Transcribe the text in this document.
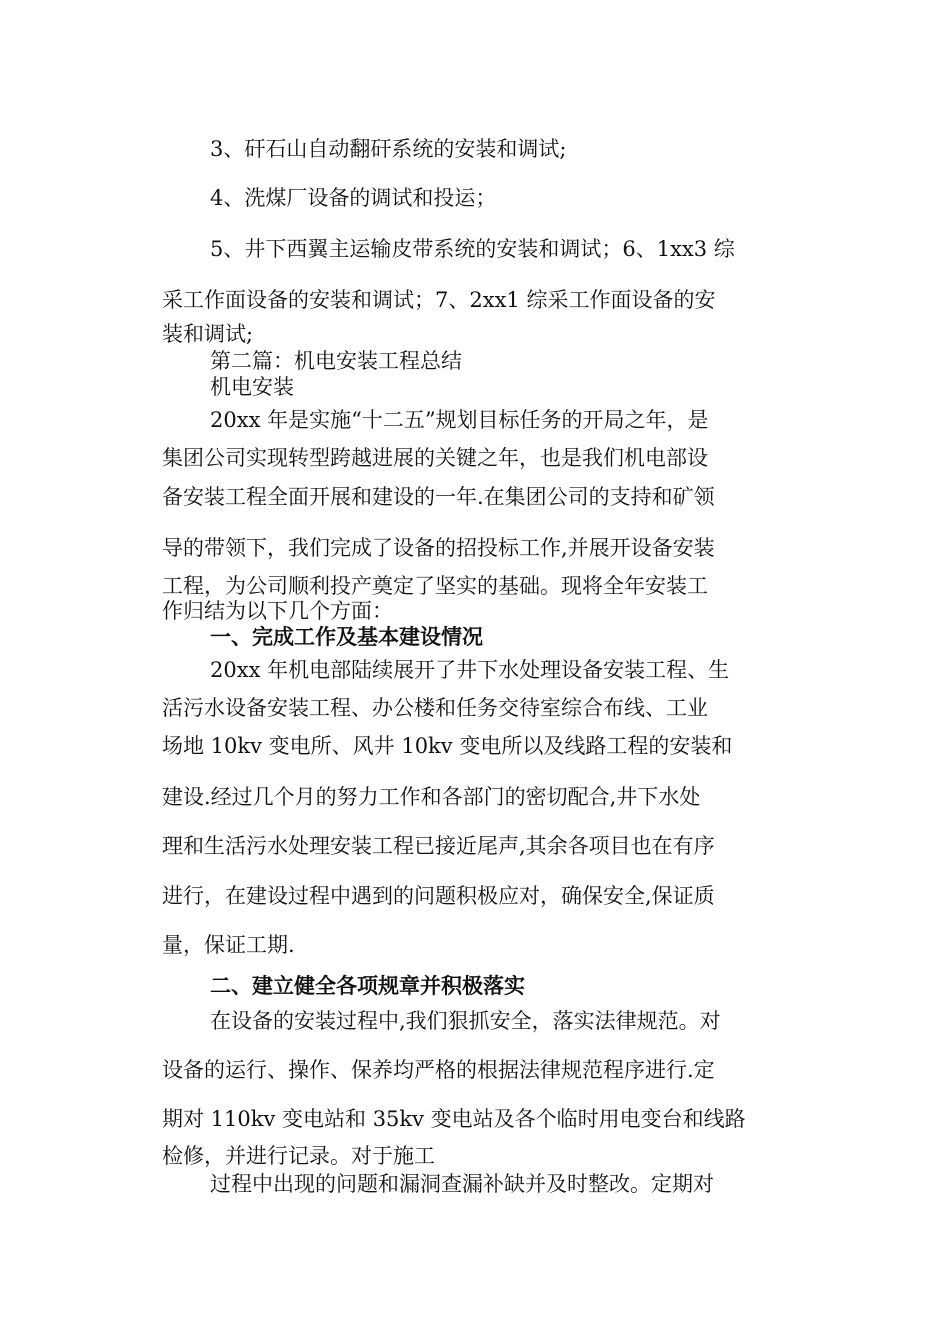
3、矸石山自动翻矸系统的安装和调试;
4、洗煤厂设备的调试和投运；
5、井下西翼主运输皮带系统的安装和调试；6、1xx3 综
采工作面设备的安装和调试；7、2xx1 综采工作面设备的安
装和调试;
第二篇：机电安装工程总结
机电安装
20xx 年是实施“十二五”规划目标任务的开局之年，是
集团公司实现转型跨越进展的关键之年，也是我们机电部设
备安装工程全面开展和建设的一年.在集团公司的支持和矿领
导的带领下，我们完成了设备的招投标工作,并展开设备安装
工程，为公司顺利投产奠定了坚实的基础。现将全年安装工
作归结为以下几个方面：
一、完成工作及基本建设情况
20xx 年机电部陆续展开了井下水处理设备安装工程、生
活污水设备安装工程、办公楼和任务交待室综合布线、工业
场地 10kv 变电所、风井 10kv 变电所以及线路工程的安装和
建设.经过几个月的努力工作和各部门的密切配合,井下水处
理和生活污水处理安装工程已接近尾声,其余各项目也在有序
进行，在建设过程中遇到的问题积极应对，确保安全,保证质
量，保证工期.
二、建立健全各项规章并积极落实
在设备的安装过程中,我们狠抓安全，落实法律规范。对
设备的运行、操作、保养均严格的根据法律规范程序进行.定
期对 110kv 变电站和 35kv 变电站及各个临时用电变台和线路
检修，并进行记录。对于施工
过程中出现的问题和漏洞查漏补缺并及时整改。定期对
